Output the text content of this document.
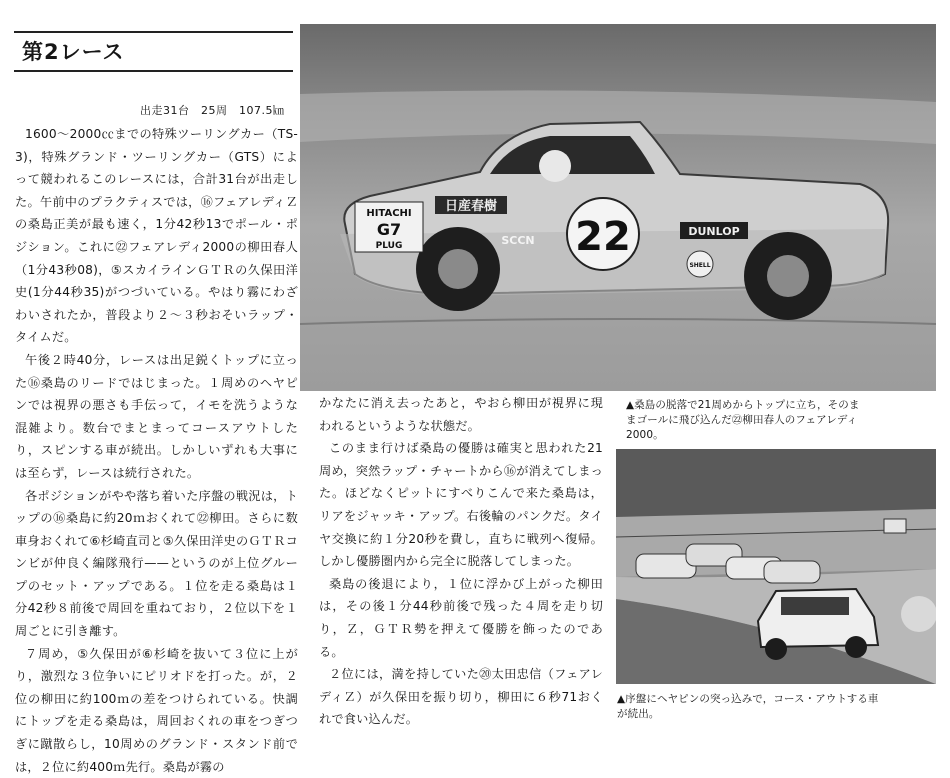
第2レース
出走31台　25周　107.5㎞

1600～2000㏄までの特殊ツーリングカー（TS-3)，特殊グランド・ツーリングカー（GTS）によって競われるこのレースには，合計31台が出走した。午前中のプラクティスでは，⑯フェアレディＺの桑島正美が最も速く，1分42秒13でポール・ポジション。これに㉒フェアレディ2000の柳田春人（1分43秒08)，⑤スカイラインＧＴＲの久保田洋史(1分44秒35)がつづいている。やはり霧にわざわいされたか，普段より２～３秒おそいラップ・タイムだ。

午後２時40分，レースは出足鋭くトップに立った⑯桑島のリードではじまった。１周めのヘヤピンでは視界の悪さも手伝って，イモを洗うような混雑より。数台でまとまってコースアウトしたり，スピンする車が続出。しかしいずれも大事には至らず，レースは続行された。

各ポジションがやや落ち着いた序盤の戦況は，トップの⑯桑島に約20ｍおくれて㉒柳田。さらに数車身おくれて⑥杉崎直司と⑤久保田洋史のＧＴＲコンビが仲良く編隊飛行——というのが上位グループのセット・アップである。１位を走る桑島は１分42秒８前後で周回を重ねており，２位以下を１周ごとに引き離す。

７周め，⑤久保田が⑥杉崎を抜いて３位に上がり，激烈な３位争いにピリオドを打った。が，２位の柳田に約100ｍの差をつけられている。快調にトップを走る桑島は，周回おくれの車をつぎつぎに蹴散らし，10周めのグランド・スタンド前では，２位に約400ｍ先行。桑島が霧の

かなたに消え去ったあと，やおら柳田が視界に現われるというような状態だ。

このまま行けば桑島の優勝は確実と思われた21周め，突然ラップ・チャートから⑯が消えてしまった。ほどなくピットにすべりこんで来た桑島は，リアをジャッキ・アップ。右後輪のパンクだ。タイヤ交換に約１分20秒を費し，直ちに戦列へ復帰。しかし優勝圏内から完全に脱落してしまった。

桑島の後退により，１位に浮かび上がった柳田は，その後１分44秒前後で残った４周を走り切り，Ｚ，ＧＴＲ勢を押えて優勝を飾ったのである。

２位には，満を持していた⑳太田忠信（フェアレディＺ）が久保田を振り切り，柳田に６秒71おくれで食い込んだ。

22
日産春樹
HITACHI
G7
PLUG	SCCN
DUNLOP
SHELL
▲桑島の脱落で21周めからトップに立ち，そのま
まゴールに飛び込んだ㉒柳田春人のフェアレディ
2000。
▲序盤にヘヤピンの突っ込みで，コース・アウトする車
が続出。
